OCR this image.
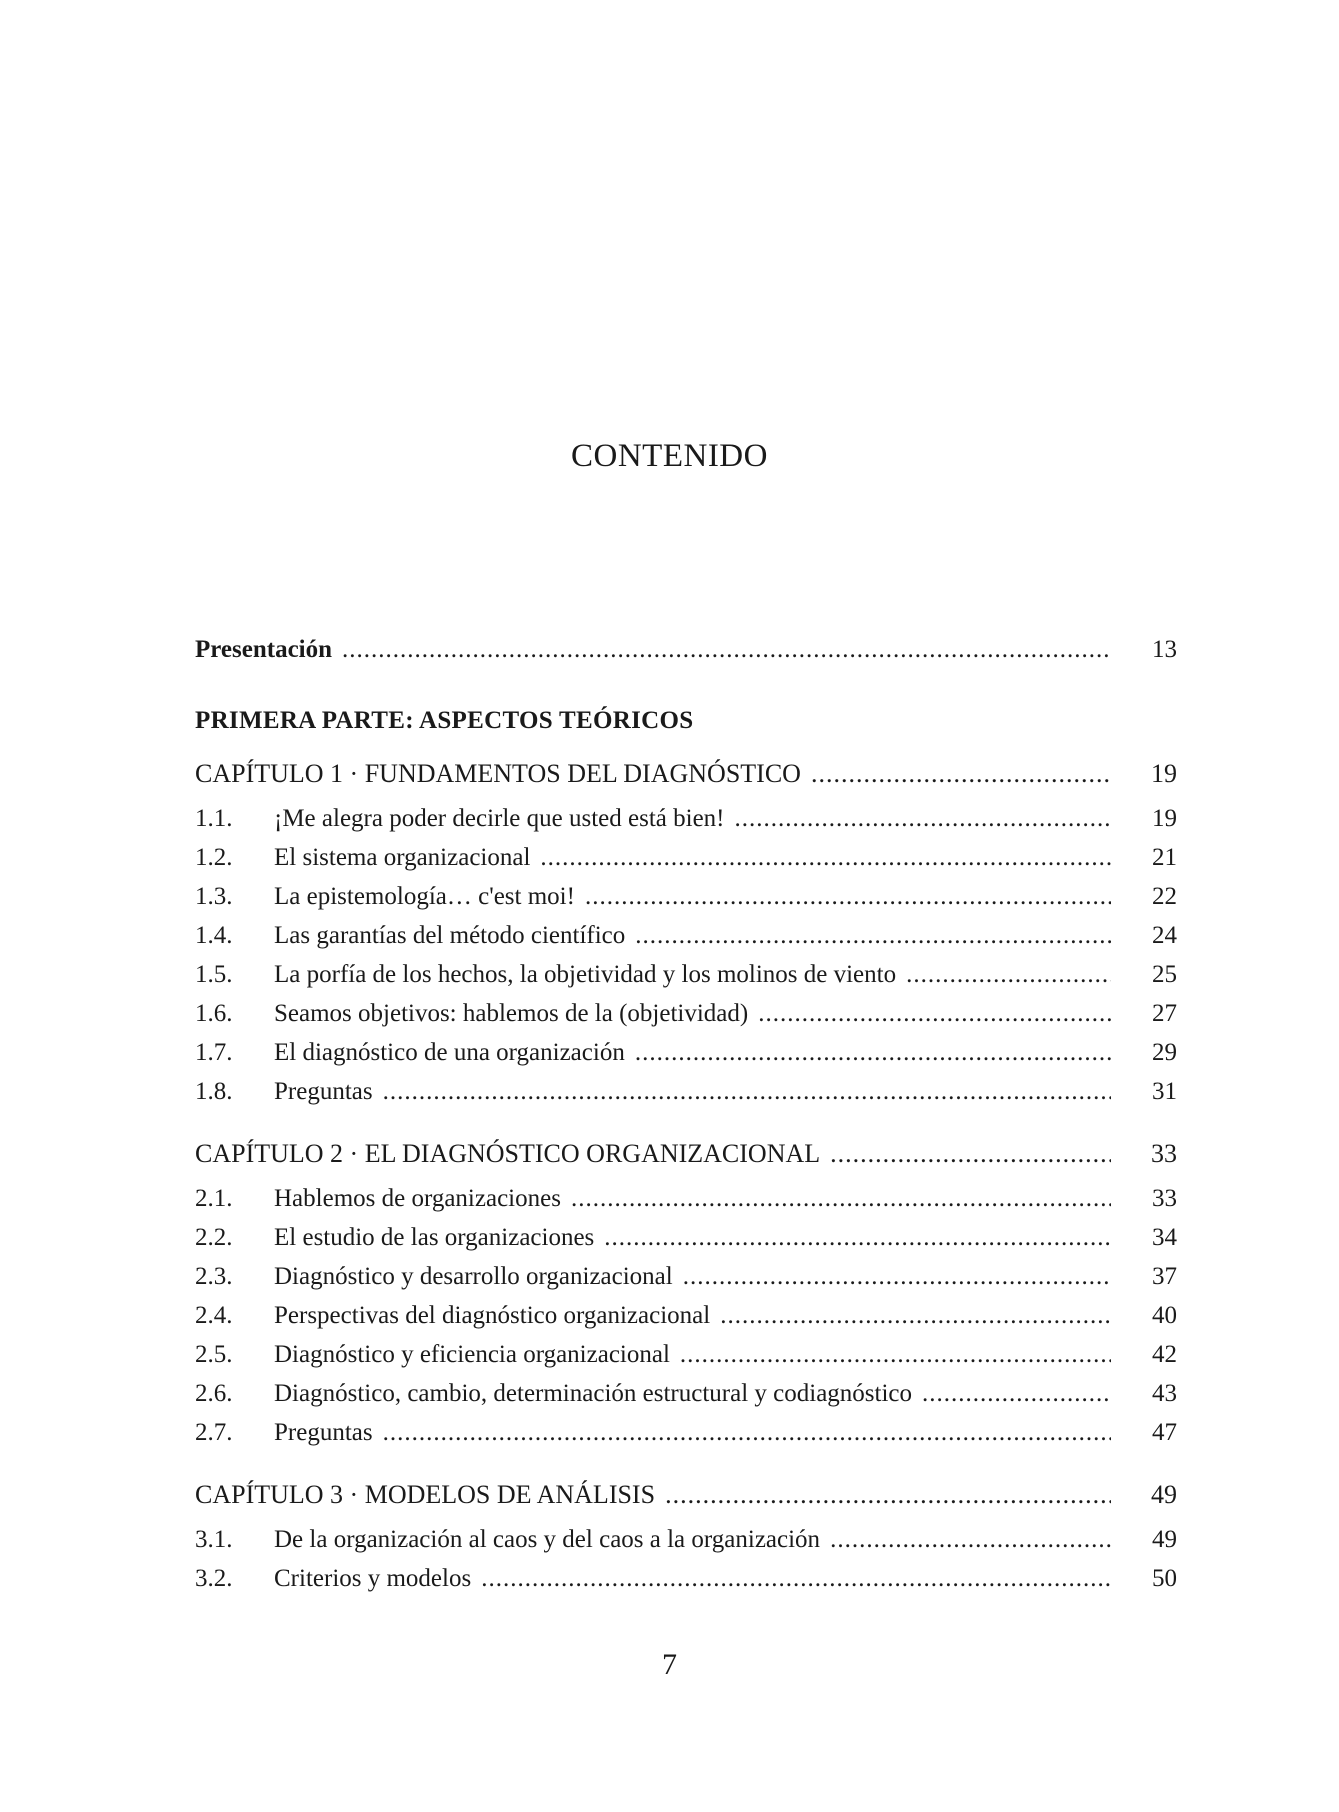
CONTENIDO
Presentación .....	13
PRIMERA PARTE: ASPECTOS TEÓRICOS
CAPÍTULO 1 · FUNDAMENTOS DEL DIAGNÓSTICO .....	19
1.1.	¡Me alegra poder decirle que usted está bien! .....	19
1.2.	El sistema organizacional .....	21
1.3.	La epistemología… c'est moi! .....	22
1.4.	Las garantías del método científico .....	24
1.5.	La porfía de los hechos, la objetividad y los molinos de viento .....	25
1.6.	Seamos objetivos: hablemos de la (objetividad) .....	27
1.7.	El diagnóstico de una organización .....	29
1.8.	Preguntas .....	31
CAPÍTULO 2 · EL DIAGNÓSTICO ORGANIZACIONAL .....	33
2.1.	Hablemos de organizaciones .....	33
2.2.	El estudio de las organizaciones .....	34
2.3.	Diagnóstico y desarrollo organizacional .....	37
2.4.	Perspectivas del diagnóstico organizacional .....	40
2.5.	Diagnóstico y eficiencia organizacional .....	42
2.6.	Diagnóstico, cambio, determinación estructural y codiagnóstico .....	43
2.7.	Preguntas .....	47
CAPÍTULO 3 · MODELOS DE ANÁLISIS .....	49
3.1.	De la organización al caos y del caos a la organización .....	49
3.2.	Criterios y modelos .....	50
7
